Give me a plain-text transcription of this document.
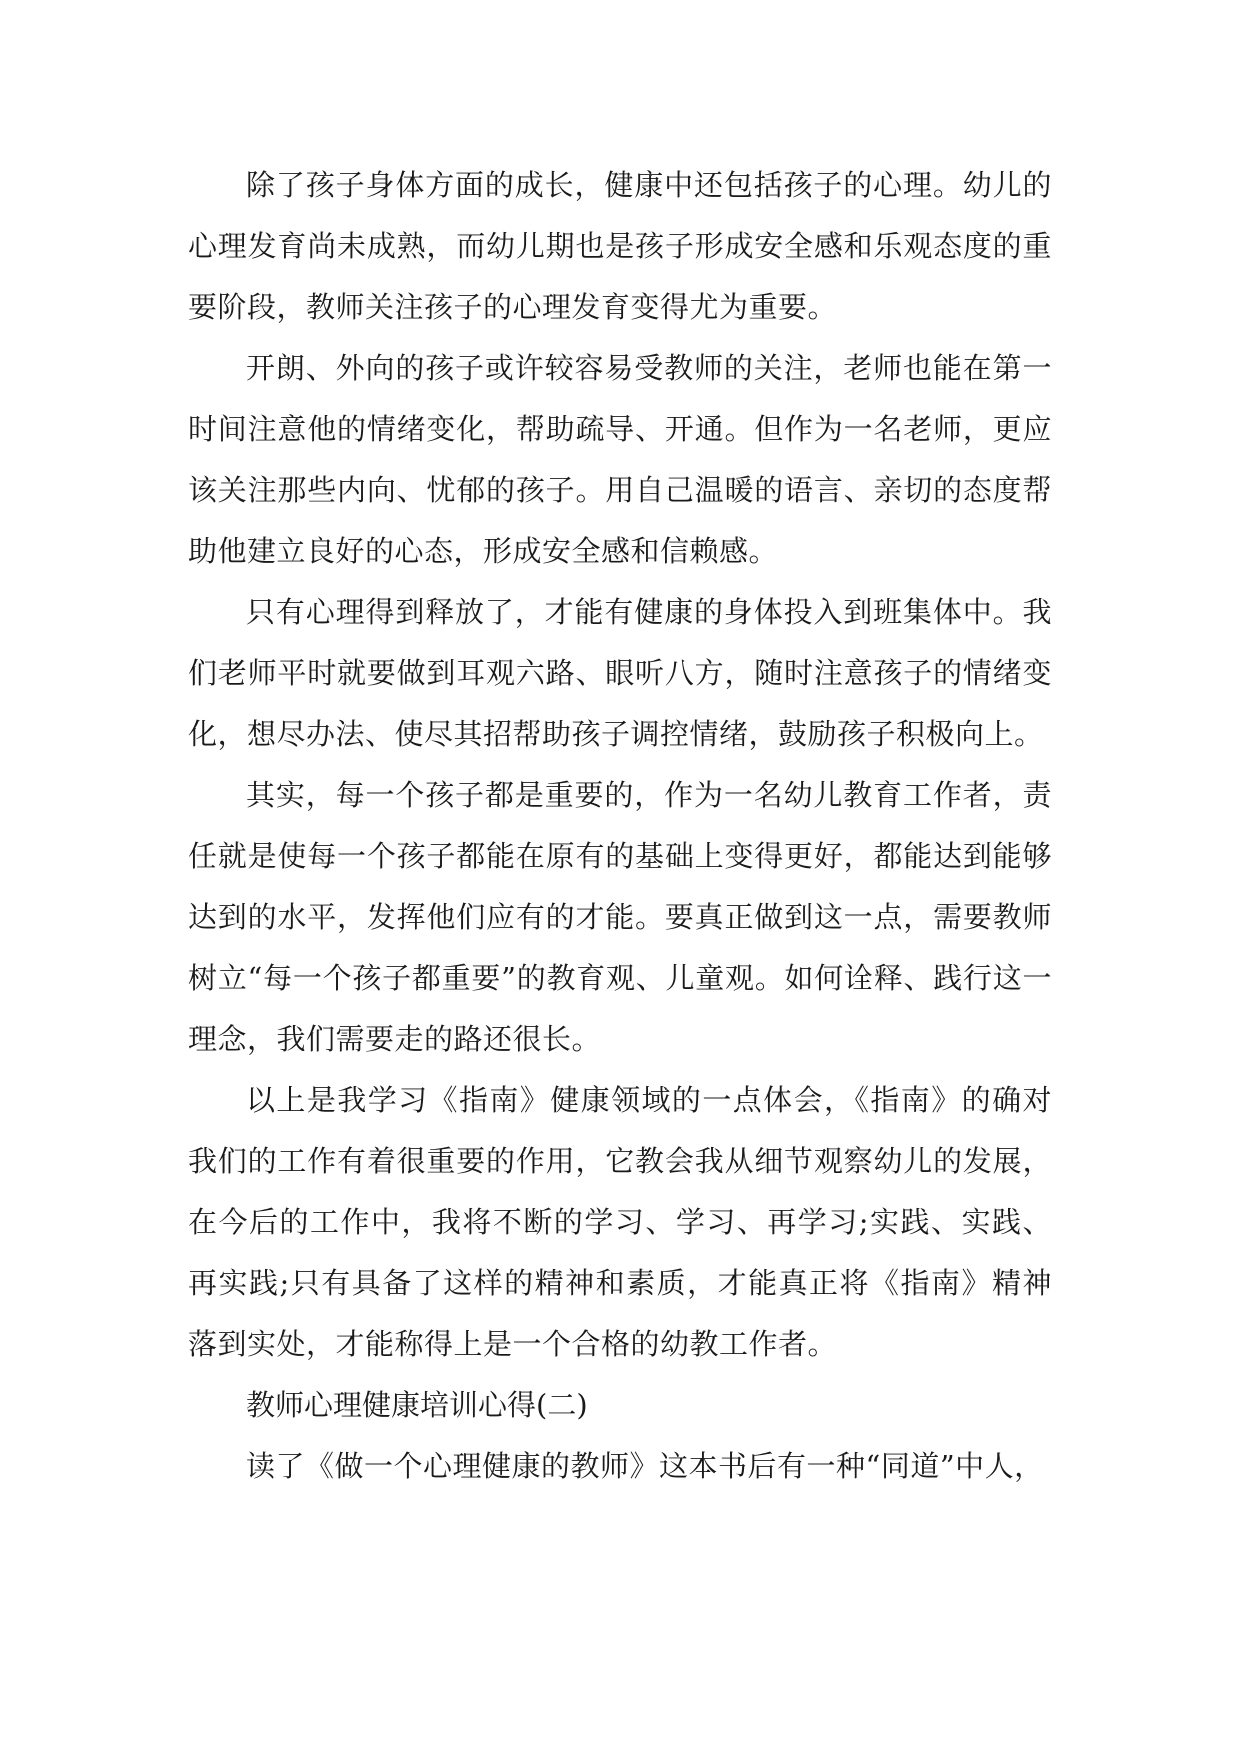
除了孩子身体方面的成长，健康中还包括孩子的心理。幼儿的心理发育尚未成熟，而幼儿期也是孩子形成安全感和乐观态度的重要阶段，教师关注孩子的心理发育变得尤为重要。

开朗、外向的孩子或许较容易受教师的关注，老师也能在第一时间注意他的情绪变化，帮助疏导、开通。但作为一名老师，更应该关注那些内向、忧郁的孩子。用自己温暖的语言、亲切的态度帮助他建立良好的心态，形成安全感和信赖感。

只有心理得到释放了，才能有健康的身体投入到班集体中。我们老师平时就要做到耳观六路、眼听八方，随时注意孩子的情绪变化，想尽办法、使尽其招帮助孩子调控情绪，鼓励孩子积极向上。

其实，每一个孩子都是重要的，作为一名幼儿教育工作者，责任就是使每一个孩子都能在原有的基础上变得更好，都能达到能够达到的水平，发挥他们应有的才能。要真正做到这一点，需要教师树立“每一个孩子都重要”的教育观、儿童观。如何诠释、践行这一理念，我们需要走的路还很长。

以上是我学习《指南》健康领域的一点体会，《指南》的确对我们的工作有着很重要的作用，它教会我从细节观察幼儿的发展，在今后的工作中，我将不断的学习、学习、再学习;实践、实践、再实践;只有具备了这样的精神和素质，才能真正将《指南》精神落到实处，才能称得上是一个合格的幼教工作者。

教师心理健康培训心得(二)

读了《做一个心理健康的教师》这本书后有一种“同道”中人，
